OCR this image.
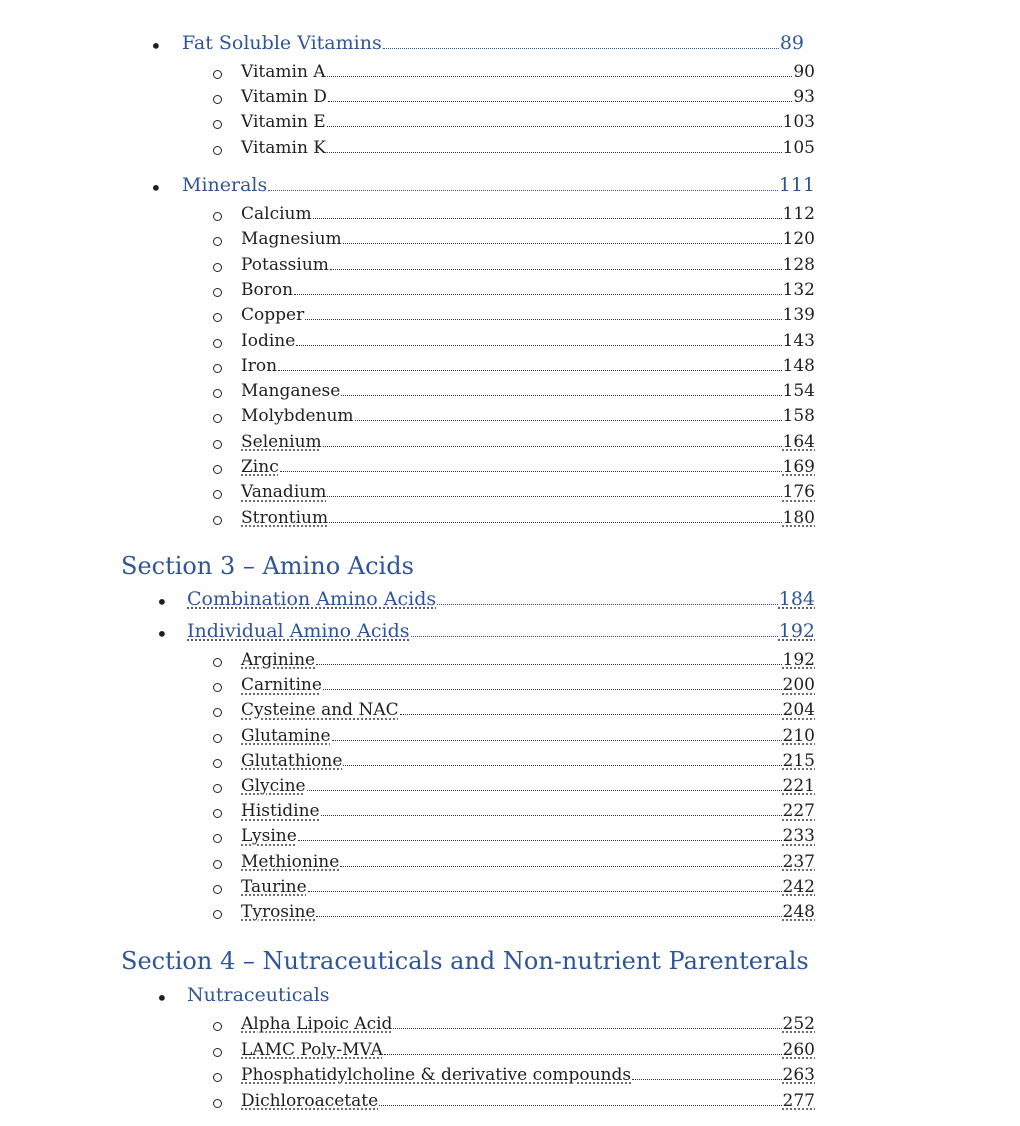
• Fat Soluble Vitamins	89
Vitamin A	90
Vitamin D	93
Vitamin E	103
Vitamin K	105
• Minerals	111
Calcium	112
Magnesium	120
Potassium	128
Boron	132
Copper	139
Iodine	143
Iron	148
Manganese	154
Molybdenum	158
Selenium	164
Zinc	169
Vanadium	176
Strontium	180
Section 3 – Amino Acids
• Combination Amino Acids	184
• Individual Amino Acids	192
Arginine	192
Carnitine	200
Cysteine and NAC	204
Glutamine	210
Glutathione	215
Glycine	221
Histidine	227
Lysine	233
Methionine	237
Taurine	242
Tyrosine	248
Section 4 – Nutraceuticals and Non-nutrient Parenterals
• Nutraceuticals
Alpha Lipoic Acid	252
LAMC Poly-MVA	260
Phosphatidylcholine & derivative compounds	263
Dichloroacetate	277
